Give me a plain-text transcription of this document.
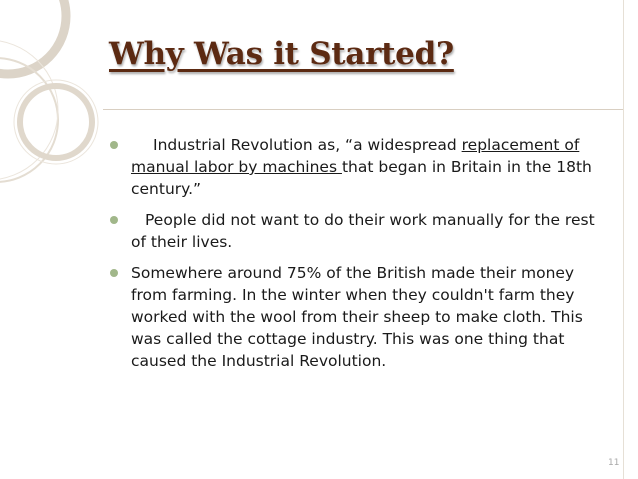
Why Was it Started?
Industrial Revolution as, “a widespread replacement of manual labor by machines that began in Britain in the 18th century.”
People did not want to do their work manually for the rest of their lives.
Somewhere around 75% of the British made their money from farming. In the winter when they couldn't farm they worked with the wool from their sheep to make cloth. This was called the cottage industry. This was one thing that caused the Industrial Revolution.
11
